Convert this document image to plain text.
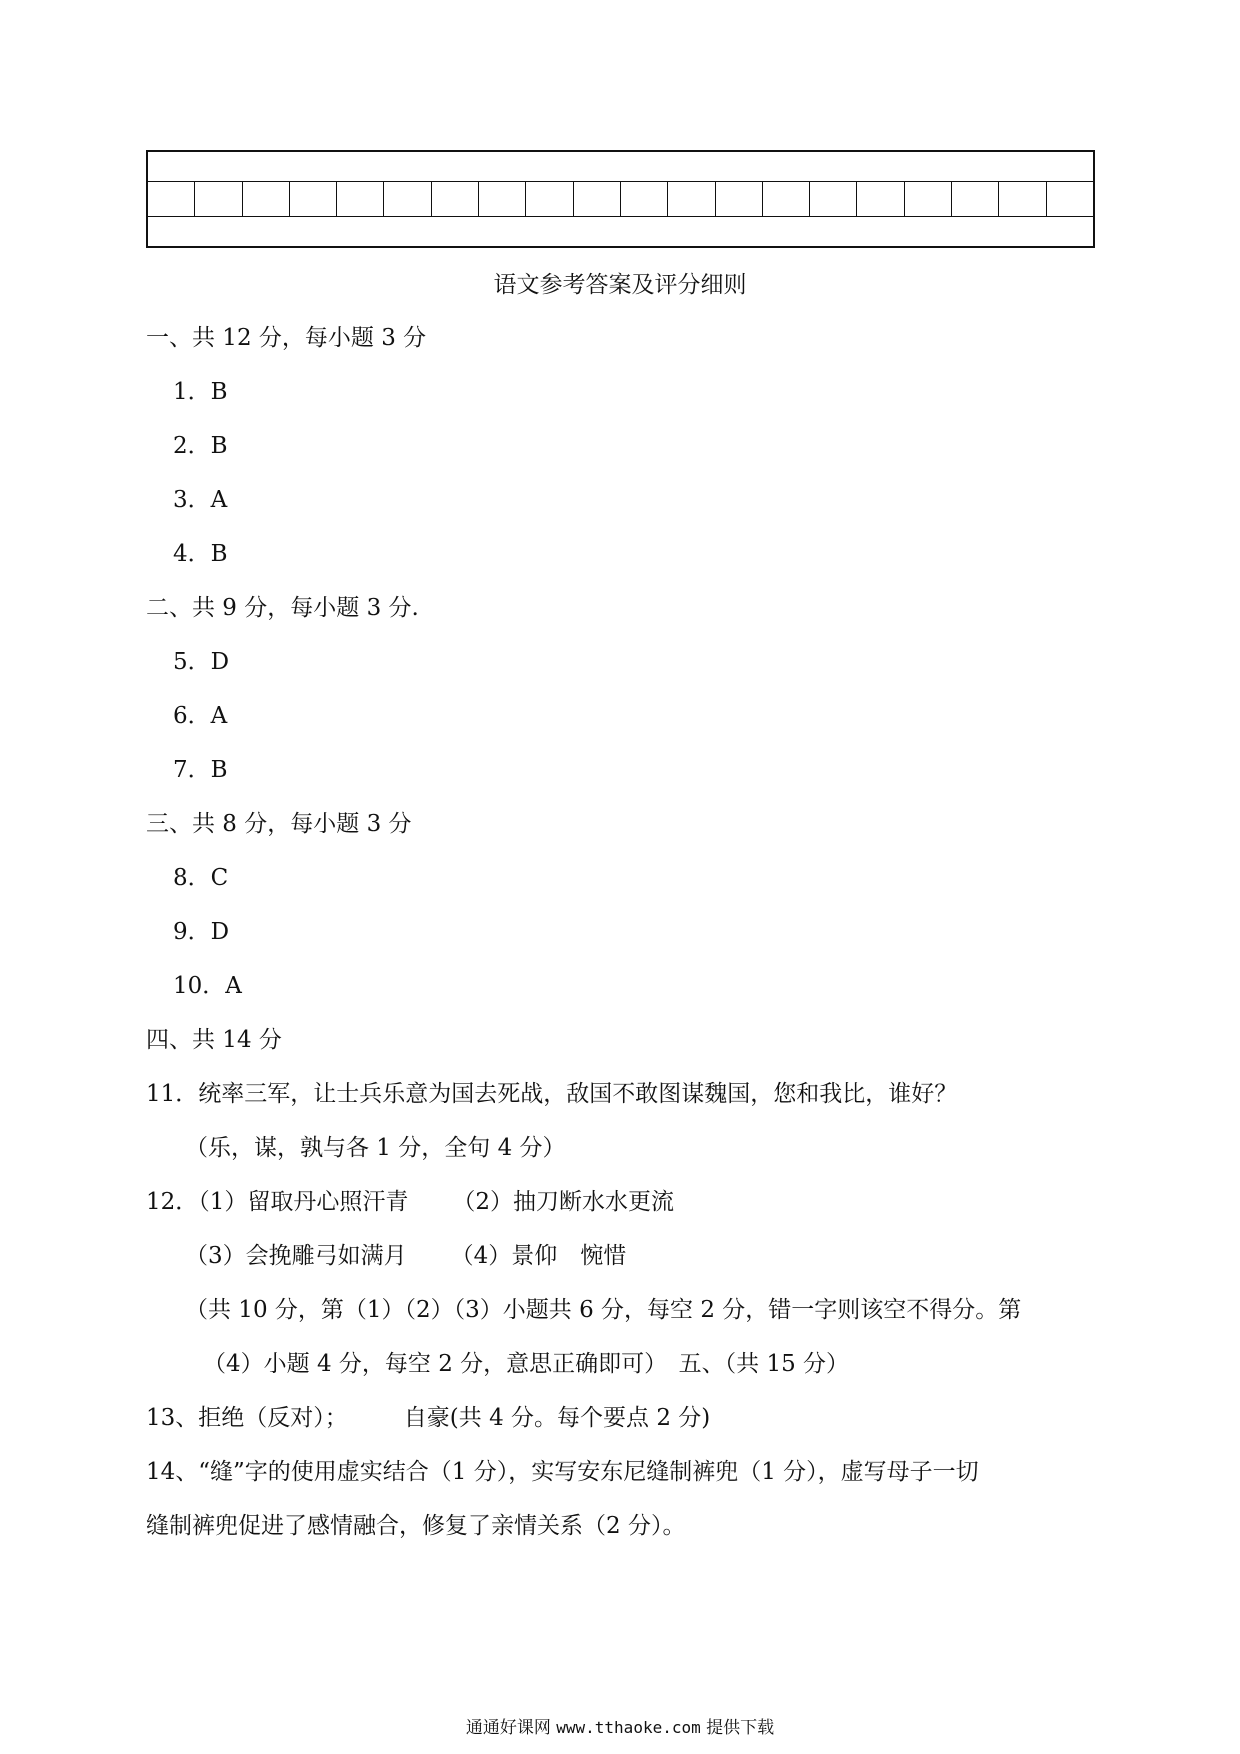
语文参考答案及评分细则
一、共 12 分，每小题 3 分
1．B
2．B
3．A
4．B
二、共 9 分，每小题 3 分.
5．D
6．A
7．B
三、共 8 分，每小题 3 分
8．C
9．D
10．A
四、共 14 分
11．统率三军，让士兵乐意为国去死战，敌国不敢图谋魏国，您和我比，谁好？
（乐，谋，孰与各 1 分，全句 4 分）
12．（1）留取丹心照汗青 （2）抽刀断水水更流
（3）会挽雕弓如满月 （4）景仰　惋惜
（共 10 分，第（1）（2）（3）小题共 6 分，每空 2 分，错一字则该空不得分。第
（4）小题 4 分，每空 2 分，意思正确即可）　五、（共 15 分）
13、拒绝（反对）； 自豪(共 4 分。每个要点 2 分)
14、“缝”字的使用虚实结合（1 分），实写安东尼缝制裤兜（1 分），虚写母子一切
缝制裤兜促进了感情融合，修复了亲情关系（2 分）。
通通好课网 www.tthaoke.com 提供下载
